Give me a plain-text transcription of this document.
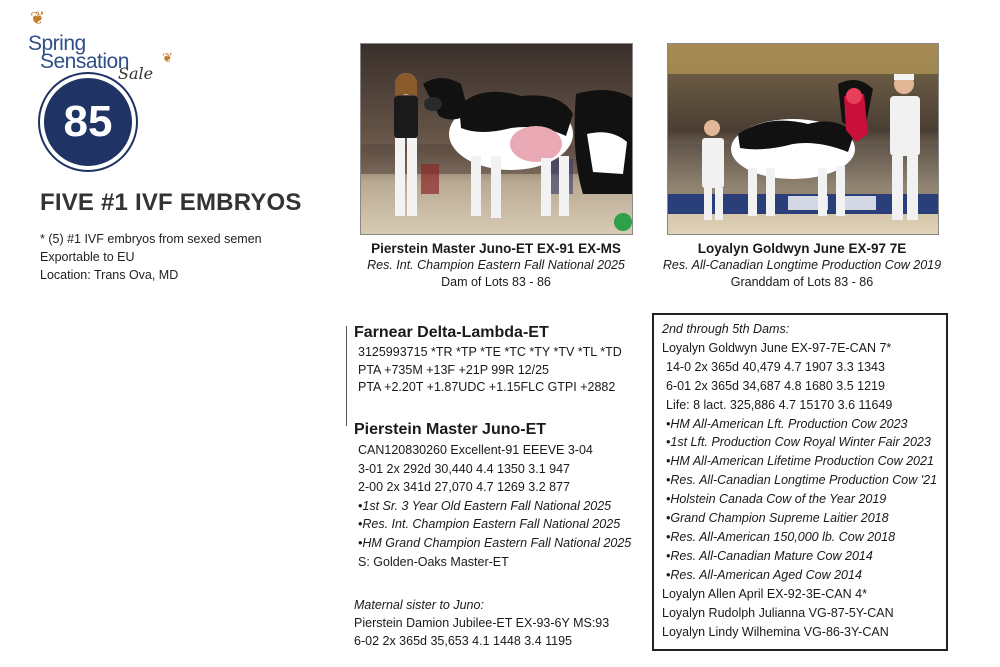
❦
Spring
Sensation
Sale
❦
85
FIVE #1 IVF EMBRYOS
* (5) #1 IVF embryos from sexed semen
Exportable to EU
Location: Trans Ova, MD
Pierstein Master Juno-ET EX-91 EX-MS
Res. Int. Champion Eastern Fall National 2025
Dam of Lots 83 - 86
Loyalyn Goldwyn June EX-97 7E
Res. All-Canadian Longtime Production Cow 2019
Granddam of Lots 83 - 86
Farnear Delta-Lambda-ET
3125993715 *TR *TP *TE *TC *TY *TV *TL *TD
PTA +735M +13F +21P 99R 12/25
PTA +2.20T +1.87UDC +1.15FLC GTPI +2882
Pierstein Master Juno-ET
CAN120830260 Excellent-91 EEEVE 3-04
3-01 2x 292d 30,440 4.4 1350 3.1 947
2-00 2x 341d 27,070 4.7 1269 3.2 877
•1st Sr. 3 Year Old Eastern Fall National 2025
•Res. Int. Champion Eastern Fall National 2025
•HM Grand Champion Eastern Fall National 2025
S: Golden-Oaks Master-ET
Maternal sister to Juno:
Pierstein Damion Jubilee-ET EX-93-6Y MS:93
6-02 2x 365d 35,653 4.1 1448 3.4 1195
2nd through 5th Dams:
Loyalyn Goldwyn June EX-97-7E-CAN 7*
14-0 2x 365d 40,479 4.7 1907 3.3 1343
6-01 2x 365d 34,687 4.8 1680 3.5 1219
Life: 8 lact. 325,886 4.7 15170 3.6 11649
•HM All-American Lft. Production Cow 2023
•1st Lft. Production Cow Royal Winter Fair 2023
•HM All-American Lifetime Production Cow 2021
•Res. All-Canadian Longtime Production Cow '21
•Holstein Canada Cow of the Year 2019
•Grand Champion Supreme Laitier 2018
•Res. All-American 150,000 lb. Cow 2018
•Res. All-Canadian Mature Cow 2014
•Res. All-American Aged Cow 2014
Loyalyn Allen April EX-92-3E-CAN 4*
Loyalyn Rudolph Julianna VG-87-5Y-CAN
Loyalyn Lindy Wilhemina VG-86-3Y-CAN
